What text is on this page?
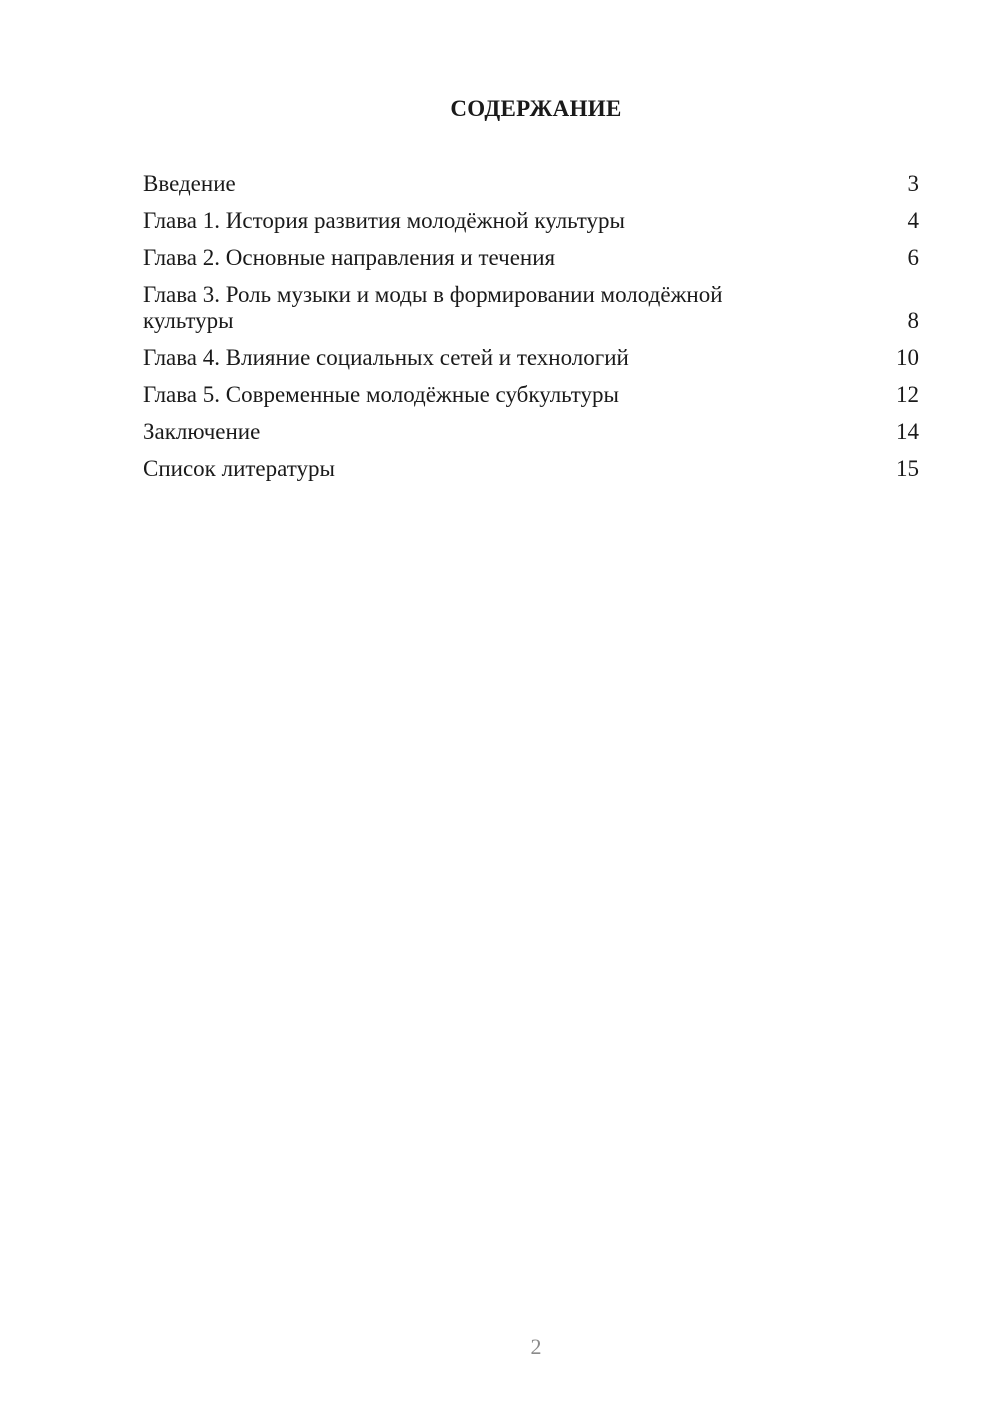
СОДЕРЖАНИЕ
Введение	3
Глава 1. История развития молодёжной культуры	4
Глава 2. Основные направления и течения	6
Глава 3. Роль музыки и моды в формировании молодёжной культуры	8
Глава 4. Влияние социальных сетей и технологий	10
Глава 5. Современные молодёжные субкультуры	12
Заключение	14
Список литературы	15
2
